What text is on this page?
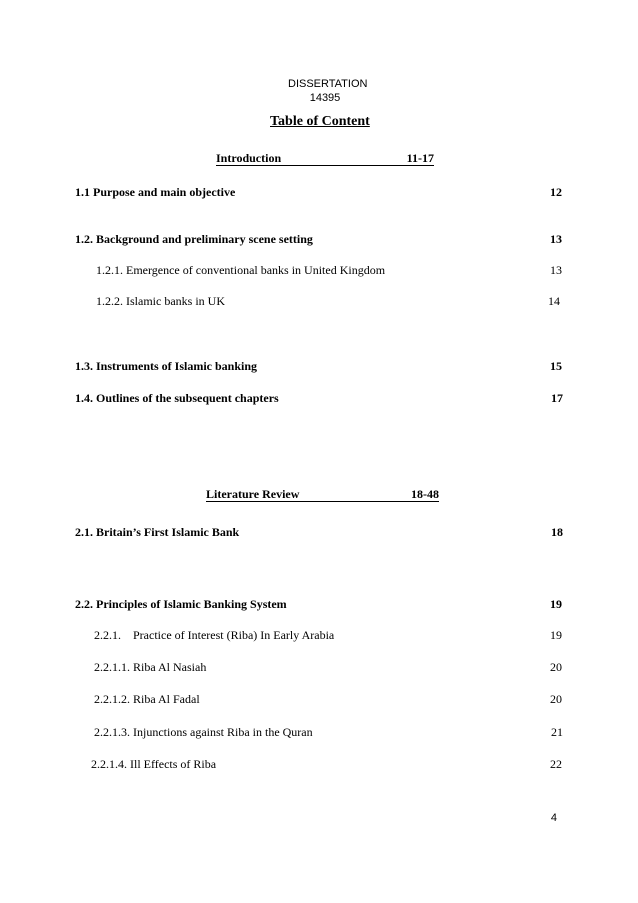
DISSERTATION
14395
Table of Content
Introduction	11-17
1.1 Purpose and main objective	12
1.2. Background and preliminary scene setting	13
1.2.1. Emergence of conventional banks in United Kingdom	13
1.2.2. Islamic banks in UK	14
1.3. Instruments of Islamic banking	15
1.4. Outlines of the subsequent chapters	17
Literature Review	18-48
2.1. Britain’s First Islamic Bank	18
2.2. Principles of Islamic Banking System	19
2.2.1.    Practice of Interest (Riba) In Early Arabia	19
2.2.1.1. Riba Al Nasiah	20
2.2.1.2. Riba Al Fadal	20
2.2.1.3. Injunctions against Riba in the Quran	21
2.2.1.4. Ill Effects of Riba	22
4
